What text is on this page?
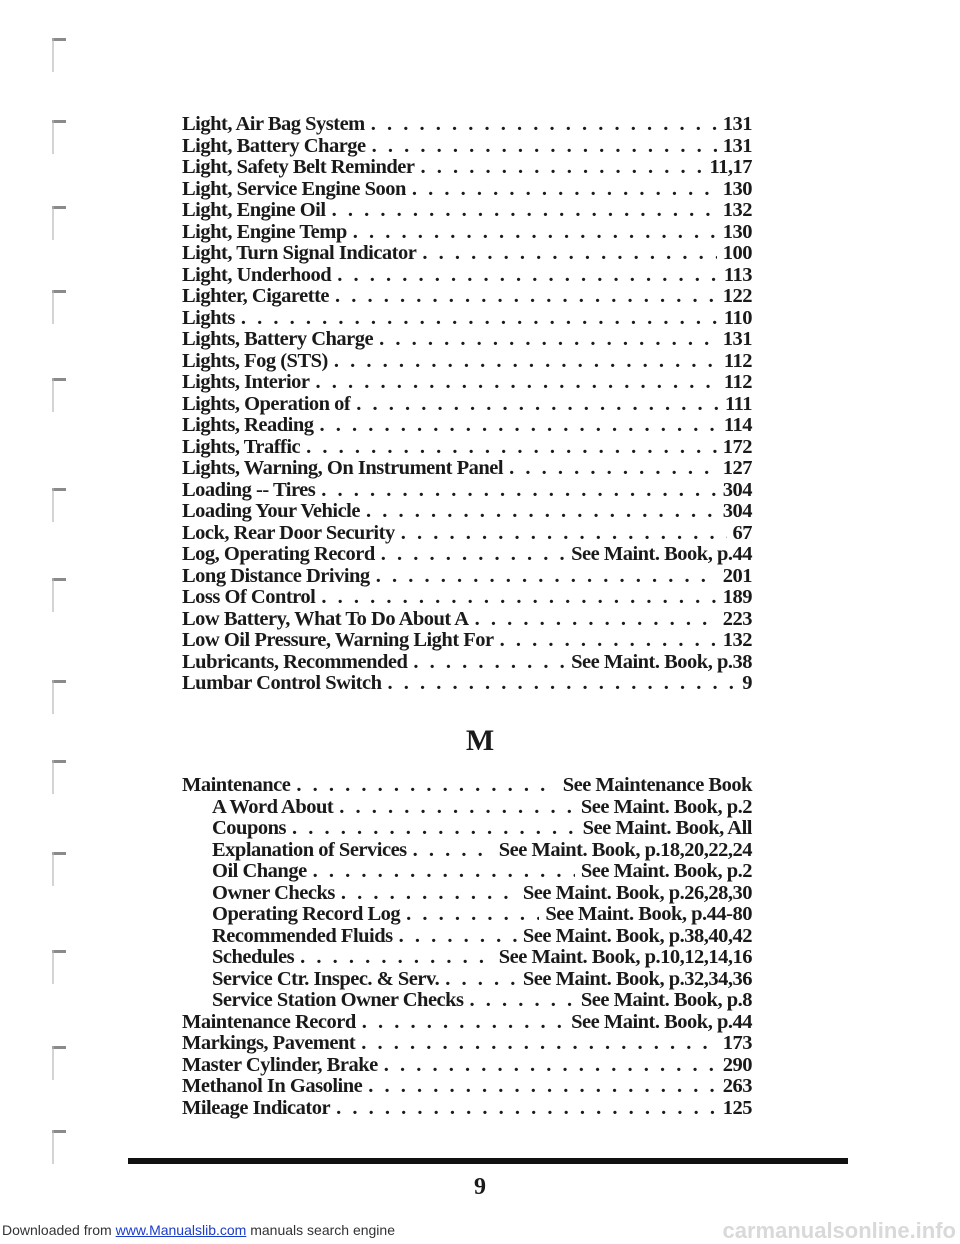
Light, Air Bag System . . .	131
Light, Battery Charge . . .	131
Light, Safety Belt Reminder . . .	11,17
Light, Service Engine Soon . . .	130
Light, Engine Oil . . .	132
Light, Engine Temp . . .	130
Light, Turn Signal Indicator . . .	100
Light, Underhood . . .	113
Lighter, Cigarette . . .	122
Lights . . .	110
Lights, Battery Charge . . .	131
Lights, Fog (STS) . . .	112
Lights, Interior . . .	112
Lights, Operation of . . .	111
Lights, Reading . . .	114
Lights, Traffic . . .	172
Lights, Warning, On Instrument Panel . . .	127
Loading -- Tires . . .	304
Loading Your Vehicle . . .	304
Lock, Rear Door Security . . .	67
Log, Operating Record . . .	See Maint. Book, p.44
Long Distance Driving . . .	201
Loss Of Control . . .	189
Low Battery, What To Do About A . . .	223
Low Oil Pressure, Warning Light For . . .	132
Lubricants, Recommended . . .	See Maint. Book, p.38
Lumbar Control Switch . . .	9
M
Maintenance . . .	See Maintenance Book
A Word About . . .	See Maint. Book, p.2
Coupons . . .	See Maint. Book, All
Explanation of Services . . .	See Maint. Book, p.18,20,22,24
Oil Change . . .	See Maint. Book, p.2
Owner Checks . . .	See Maint. Book, p.26,28,30
Operating Record Log . . .	See Maint. Book, p.44-80
Recommended Fluids . . .	See Maint. Book, p.38,40,42
Schedules . . .	See Maint. Book, p.10,12,14,16
Service Ctr. Inspec. & Serv. . . .	See Maint. Book, p.32,34,36
Service Station Owner Checks . . .	See Maint. Book, p.8
Maintenance Record . . .	See Maint. Book, p.44
Markings, Pavement . . .	173
Master Cylinder, Brake . . .	290
Methanol In Gasoline . . .	263
Mileage Indicator . . .	125
9
Downloaded from www.Manualslib.com manuals search engine	carmanualsonline.info
